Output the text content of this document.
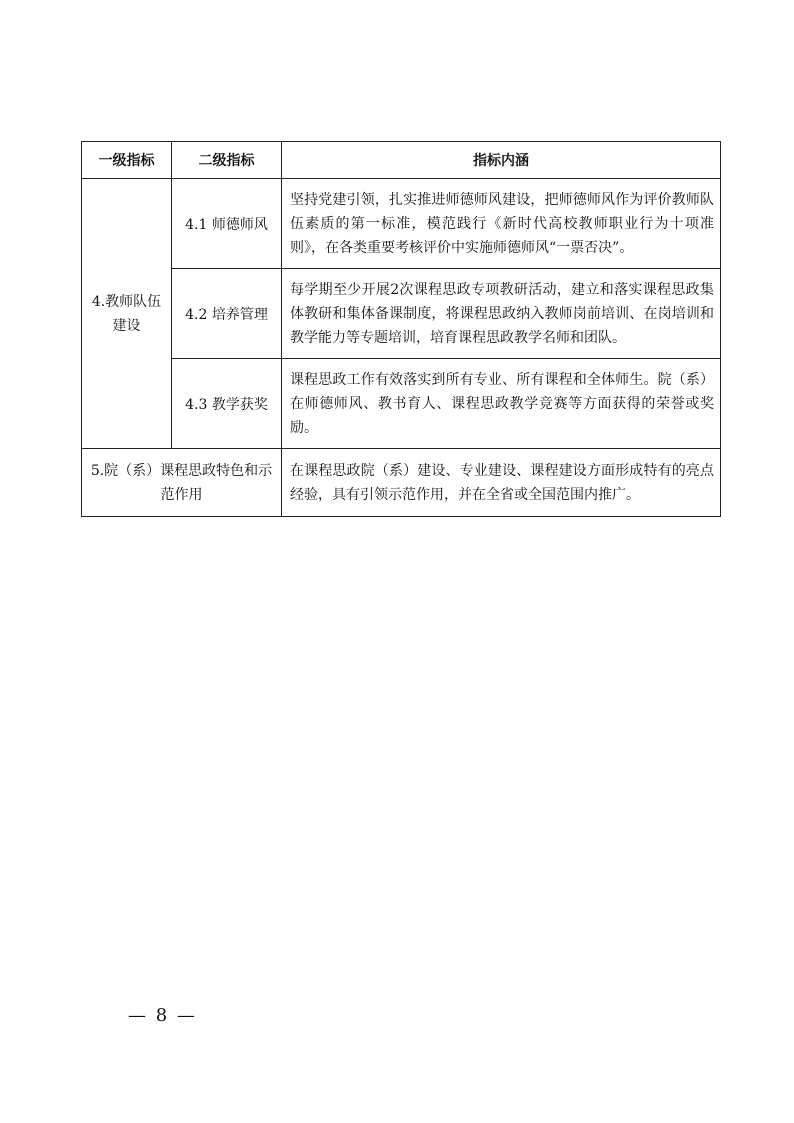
一级指标	二级指标	指标内涵
4.教师队伍建设	4.1 师德师风	坚持党建引领，扎实推进师德师风建设，把师德师风作为评价教师队伍素质的第一标准，模范践行《新时代高校教师职业行为十项准则》，在各类重要考核评价中实施师德师风“一票否决”。
	4.2 培养管理	每学期至少开展2次课程思政专项教研活动，建立和落实课程思政集体教研和集体备课制度，将课程思政纳入教师岗前培训、在岗培训和教学能力等专题培训，培育课程思政教学名师和团队。
	4.3 教学获奖	课程思政工作有效落实到所有专业、所有课程和全体师生。院（系）在师德师风、教书育人、课程思政教学竞赛等方面获得的荣誉或奖励。
5.院（系）课程思政特色和示范作用		在课程思政院（系）建设、专业建设、课程建设方面形成特有的亮点经验，具有引领示范作用，并在全省或全国范围内推广。
— 8 —
